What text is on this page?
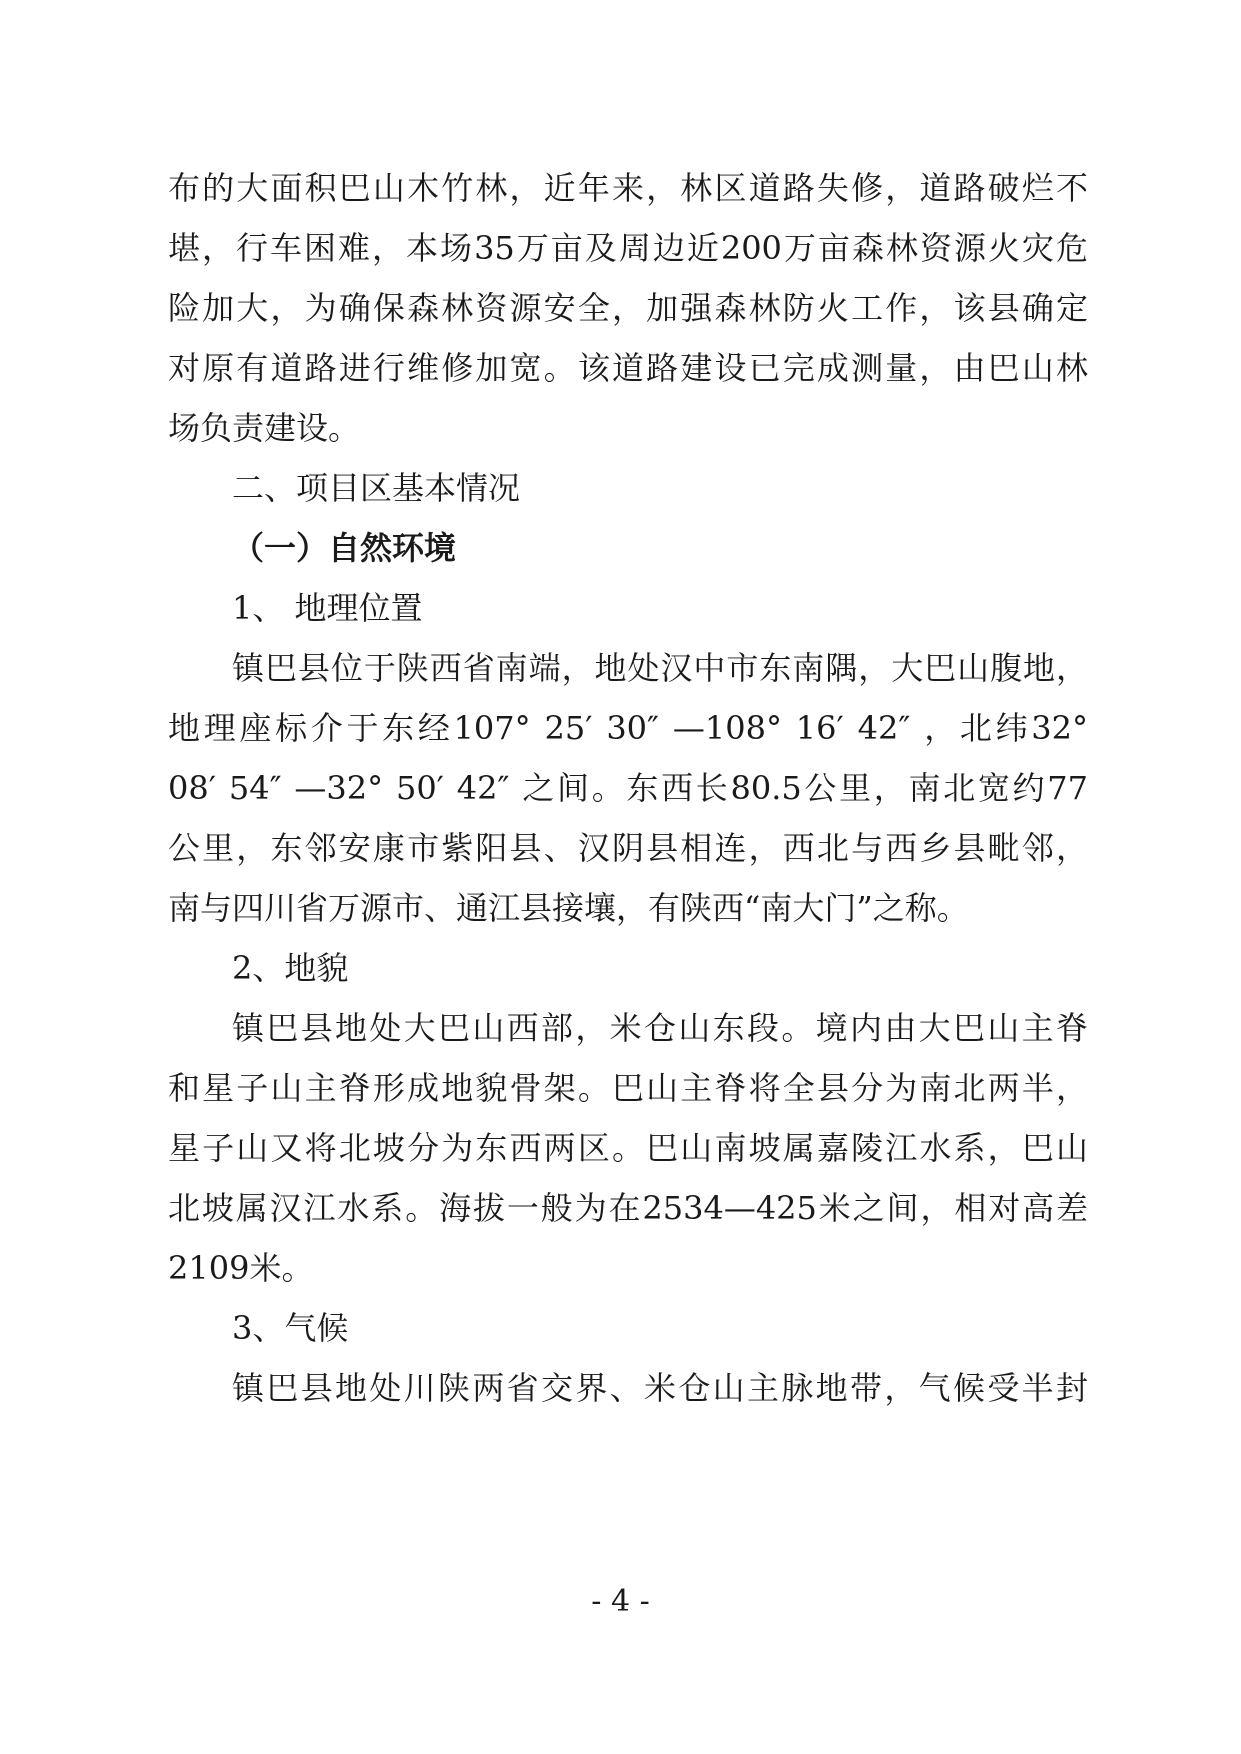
布的大面积巴山木竹林，近年来，林区道路失修，道路破烂不
堪，行车困难，本场35万亩及周边近200万亩森林资源火灾危
险加大，为确保森林资源安全，加强森林防火工作，该县确定
对原有道路进行维修加宽。该道路建设已完成测量，由巴山林
场负责建设。
二、项目区基本情况
（一）自然环境
1、 地理位置
镇巴县位于陕西省南端，地处汉中市东南隅，大巴山腹地，
地理座标介于东经107° 25′ 30″ —108° 16′ 42″ ，北纬32°
08′ 54″ —32° 50′ 42″ 之间。东西长80.5公里，南北宽约77
公里，东邻安康市紫阳县、汉阴县相连，西北与西乡县毗邻，
南与四川省万源市、通江县接壤，有陕西“南大门”之称。
2、地貌
镇巴县地处大巴山西部，米仓山东段。境内由大巴山主脊
和星子山主脊形成地貌骨架。巴山主脊将全县分为南北两半，
星子山又将北坡分为东西两区。巴山南坡属嘉陵江水系，巴山
北坡属汉江水系。海拔一般为在2534—425米之间，相对高差
2109米。
3、气候
镇巴县地处川陕两省交界、米仓山主脉地带，气候受半封
- 4 -
